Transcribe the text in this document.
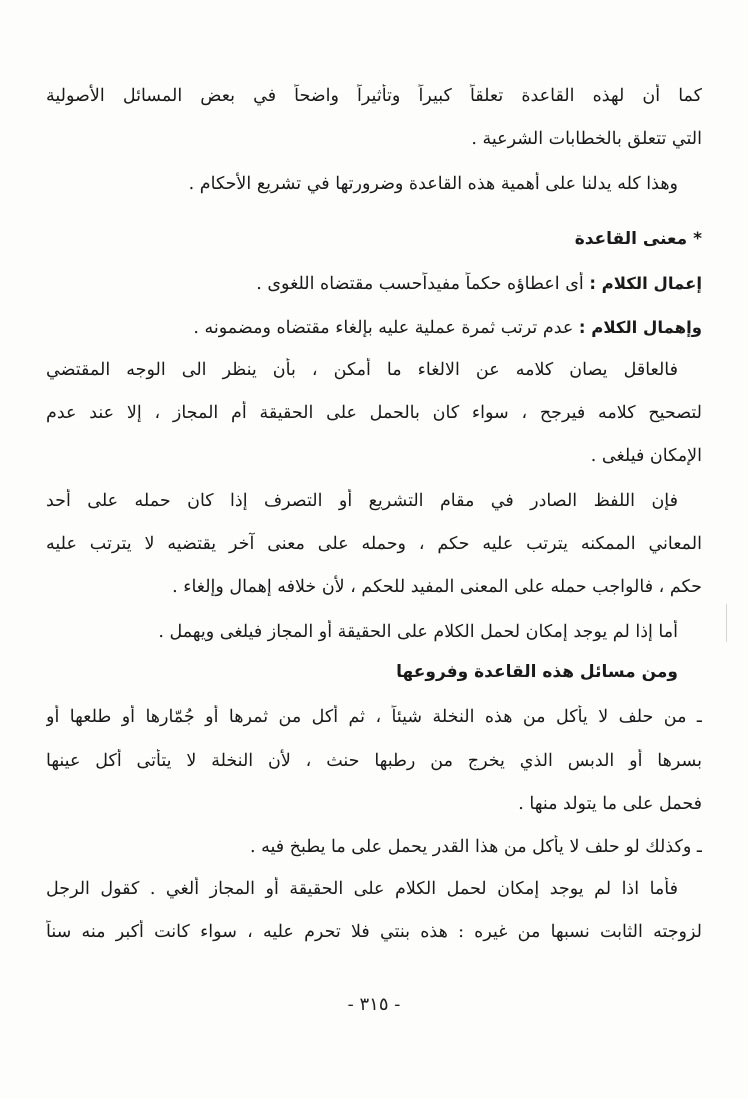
كما أن لهذه القاعدة تعلقاً كبيراً وتأثيراً واضحاً في بعض المسائل الأصولية
التي تتعلق بالخطابات الشرعية .
وهذا كله يدلنا على أهمية هذه القاعدة وضرورتها في تشريع الأحكام .
* معنى القاعدة
إعمال الكلام : أى اعطاؤه حكماً مفيداًحسب مقتضاه اللغوى .
وإهمال الكلام : عدم ترتب ثمرة عملية عليه بإلغاء مقتضاه ومضمونه .
فالعاقل يصان كلامه عن الالغاء ما أمكن ، بأن ينظر الى الوجه المقتضي
لتصحيح كلامه فيرجح ، سواء كان بالحمل على الحقيقة أم المجاز ، إلا عند عدم
الإمكان فيلغى .
فإن اللفظ الصادر في مقام التشريع أو التصرف إذا كان حمله على أحد
المعاني الممكنه يترتب عليه حكم ، وحمله على معنى آخر يقتضيه لا يترتب عليه
حكم ، فالواجب حمله على المعنى المفيد للحكم ، لأن خلافه إهمال وإلغاء .
أما إذا لم يوجد إمكان لحمل الكلام على الحقيقة أو المجاز فيلغى ويهمل .
ومن مسائل هذه القاعدة وفروعها
ـ من حلف لا يأكل من هذه النخلة شيئاً ، ثم أكل من ثمرها أو جُمّارها أو طلعها أو
بسرها أو الدبس الذي يخرج من رطبها حنث ، لأن النخلة لا يتأتى أكل عينها
فحمل على ما يتولد منها .
ـ وكذلك لو حلف لا يأكل من هذا القدر يحمل على ما يطبخ فيه .
فأما اذا لم يوجد إمكان لحمل الكلام على الحقيقة أو المجاز ألغي . كقول الرجل
لزوجته الثابت نسبها من غيره : هذه بنتي فلا تحرم عليه ، سواء كانت أكبر منه سناً
- ٣١٥ -
